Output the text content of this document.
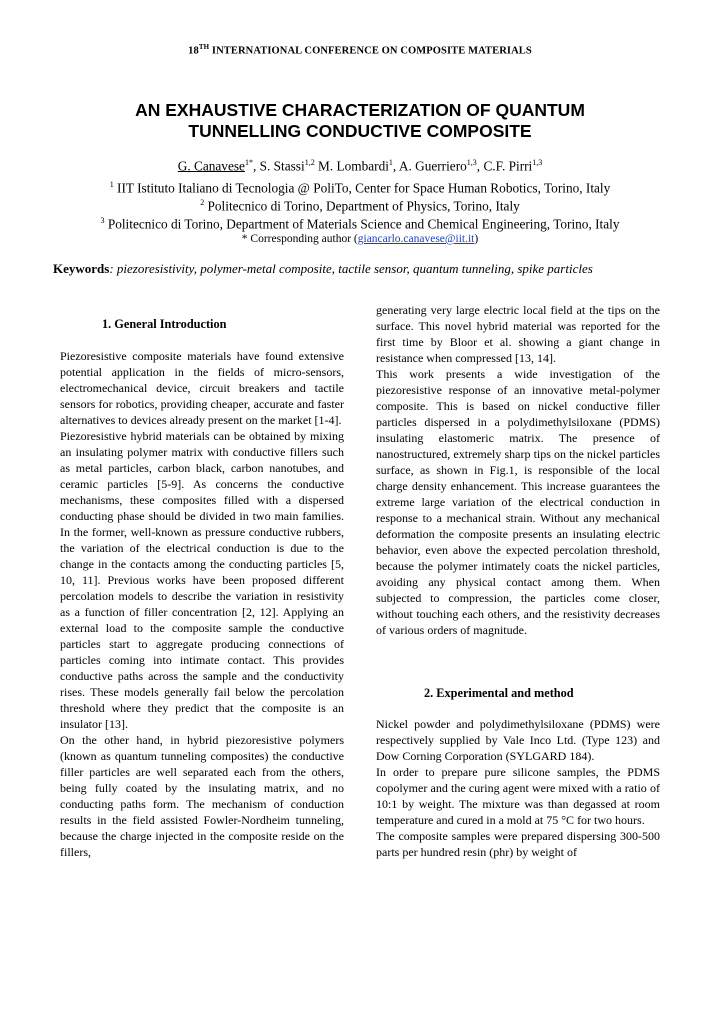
18TH INTERNATIONAL CONFERENCE ON COMPOSITE MATERIALS
AN EXHAUSTIVE CHARACTERIZATION OF QUANTUM
TUNNELLING CONDUCTIVE COMPOSITE
G. Canavese$^{1*}$, S. Stassi$^{1,2}$ M. Lombardi$^1$, A. Guerriero$^{1,3}$, C.F. Pirri$^{1,3}$
$^1$ IIT Istituto Italiano di Tecnologia @ PoliTo, Center for Space Human Robotics, Torino, Italy
$^2$ Politecnico di Torino, Department of Physics, Torino, Italy
$^3$ Politecnico di Torino, Department of Materials Science and Chemical Engineering, Torino, Italy
* Corresponding author (giancarlo.canavese@iit.it)
Keywords: piezoresistivity, polymer-metal composite, tactile sensor, quantum tunneling, spike particles
1. General Introduction

Piezoresistive composite materials have found extensive potential application in the fields of micro-sensors, electromechanical device, circuit breakers and tactile sensors for robotics, providing cheaper, accurate and faster alternatives to devices already present on the market [1-4].

Piezoresistive hybrid materials can be obtained by mixing an insulating polymer matrix with conductive fillers such as metal particles, carbon black, carbon nanotubes, and ceramic particles [5-9]. As concerns the conductive mechanisms, these composites filled with a dispersed conducting phase should be divided in two main families. In the former, well-known as pressure conductive rubbers, the variation of the electrical conduction is due to the change in the contacts among the conducting particles [5, 10, 11]. Previous works have been proposed different percolation models to describe the variation in resistivity as a function of filler concentration [2, 12]. Applying an external load to the composite sample the conductive particles start to aggregate producing connections of particles coming into intimate contact. This provides conductive paths across the sample and the conductivity rises. These models generally fail below the percolation threshold where they predict that the composite is an insulator [13].

On the other hand, in hybrid piezoresistive polymers (known as quantum tunneling composites) the conductive filler particles are well separated each from the others, being fully coated by the insulating matrix, and no conducting paths form. The mechanism of conduction results in the field assisted Fowler-Nordheim tunneling, because the charge injected in the composite reside on the fillers,

generating very large electric local field at the tips on the surface. This novel hybrid material was reported for the first time by Bloor et al. showing a giant change in resistance when compressed [13, 14].

This work presents a wide investigation of the piezoresistive response of an innovative metal-polymer composite. This is based on nickel conductive filler particles dispersed in a polydimethylsiloxane (PDMS) insulating elastomeric matrix. The presence of nanostructured, extremely sharp tips on the nickel particles surface, as shown in Fig.1, is responsible of the local charge density enhancement. This increase guarantees the extreme large variation of the electrical conduction in response to a mechanical strain. Without any mechanical deformation the composite presents an insulating electric behavior, even above the expected percolation threshold, because the polymer intimately coats the nickel particles, avoiding any physical contact among them. When subjected to compression, the particles come closer, without touching each others, and the resistivity decreases of various orders of magnitude.

2. Experimental and method

Nickel powder and polydimethylsiloxane (PDMS) were respectively supplied by Vale Inco Ltd. (Type 123) and Dow Corning Corporation (SYLGARD 184).

In order to prepare pure silicone samples, the PDMS copolymer and the curing agent were mixed with a ratio of 10:1 by weight. The mixture was than degassed at room temperature and cured in a mold at 75 °C for two hours.

The composite samples were prepared dispersing 300-500 parts per hundred resin (phr) by weight of
